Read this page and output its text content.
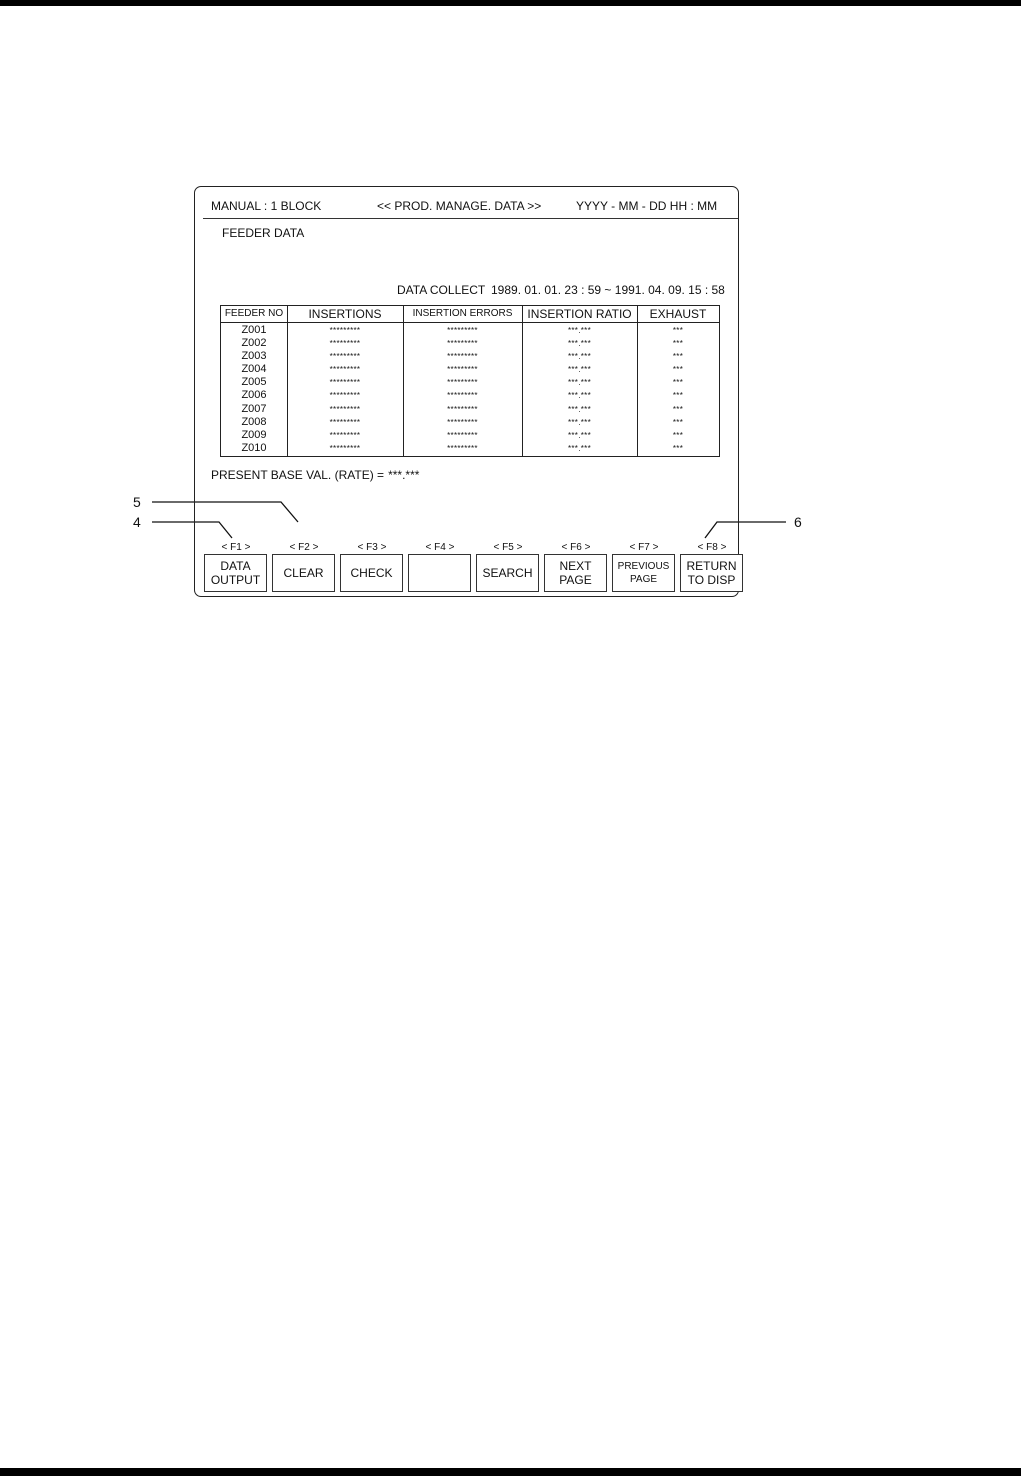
5
4	6
MANUAL : 1 BLOCK	<< PROD. MANAGE. DATA >>	YYYY - MM - DD HH : MM
FEEDER DATA
DATA COLLECT 1989. 01. 01. 23 : 59 ~ 1991. 04. 09. 15 : 58
FEEDER NO	INSERTIONS	INSERTION ERRORS	INSERTION RATIO	EXHAUST
Z001	*********	*********	***.***	***
Z002	*********	*********	***.***	***
Z003	*********	*********	***.***	***
Z004	*********	*********	***.***	***
Z005	*********	*********	***.***	***
Z006	*********	*********	***.***	***
Z007	*********	*********	***.***	***
Z008	*********	*********	***.***	***
Z009	*********	*********	***.***	***
Z010	*********	*********	***.***	***
PRESENT BASE VAL. (RATE) = ***.***
< F1 >
DATA
OUTPUT
< F2 >
CLEAR
< F3 >
CHECK
< F4 >	< F5 >
SEARCH
< F6 >
NEXT
PAGE
< F7 >
PREVIOUS
PAGE
< F8 >
RETURN
TO DISP
